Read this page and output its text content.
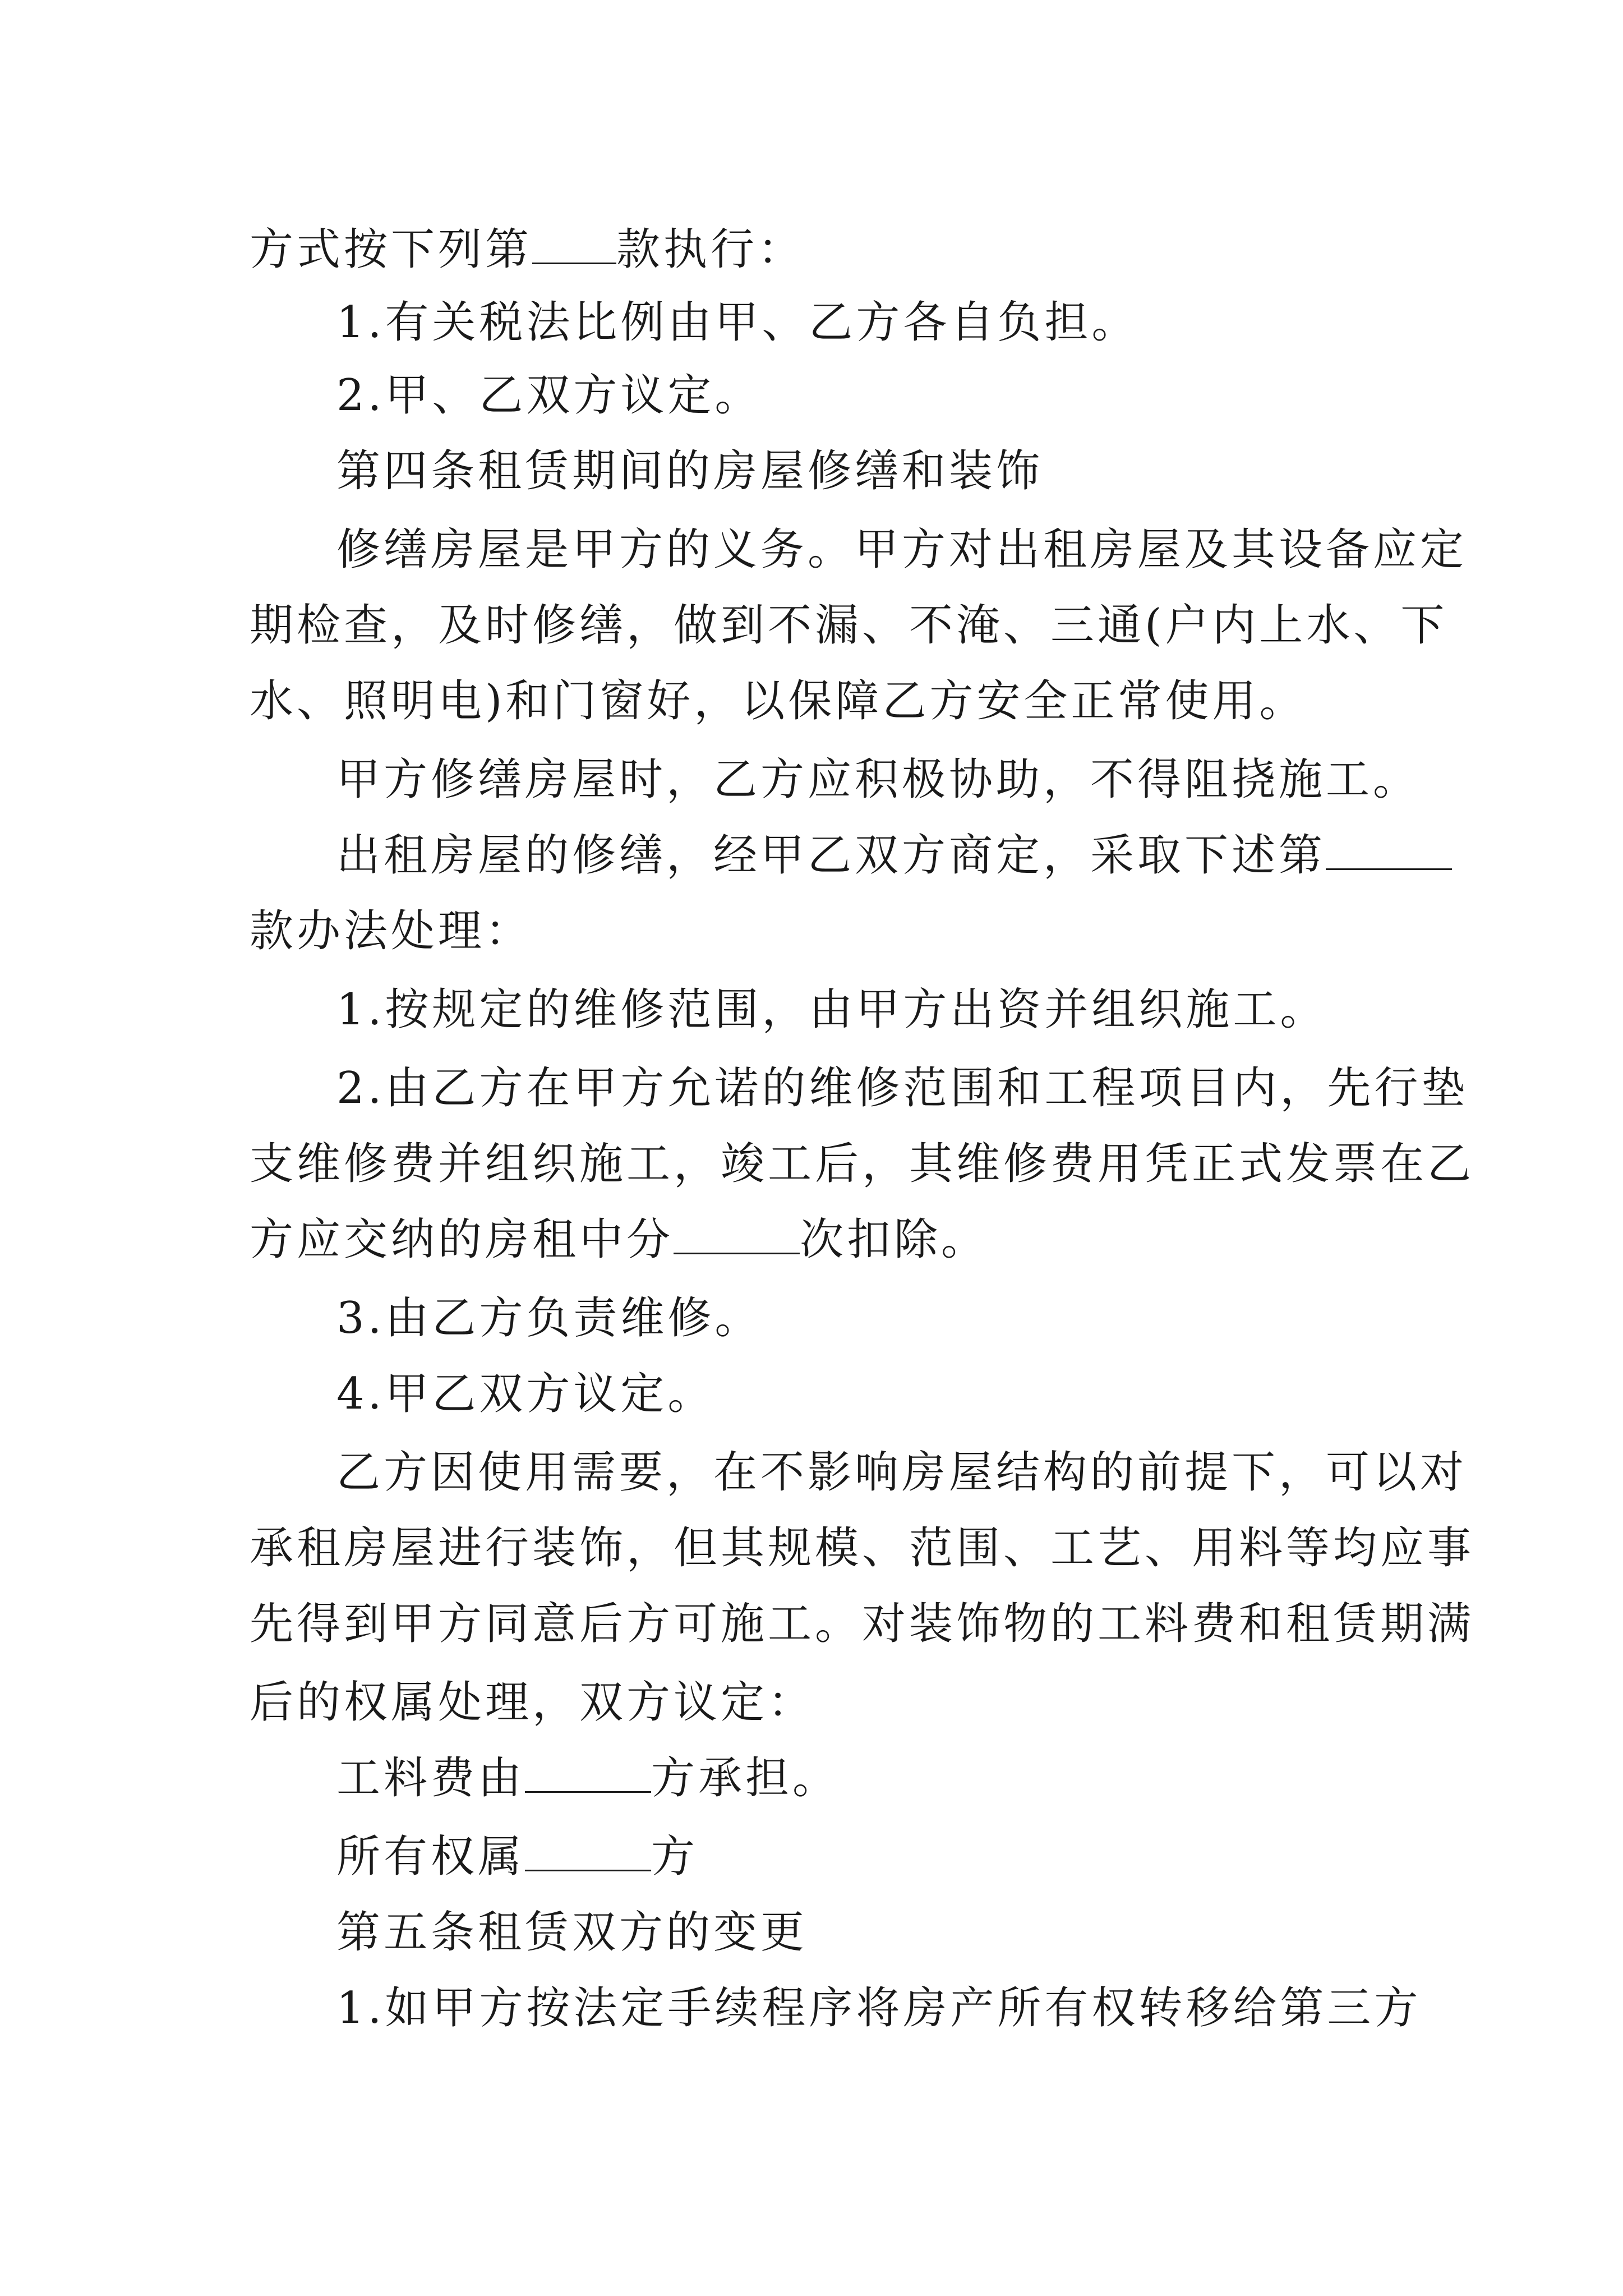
方式按下列第 款执行：
1.有关税法比例由甲、乙方各自负担。
2.甲、乙双方议定。
第四条租赁期间的房屋修缮和装饰
修缮房屋是甲方的义务。甲方对出租房屋及其设备应定
期检查，及时修缮，做到不漏、不淹、三通(户内上水、下
水、照明电)和门窗好，以保障乙方安全正常使用。
甲方修缮房屋时，乙方应积极协助，不得阻挠施工。
出租房屋的修缮，经甲乙双方商定，采取下述第
款办法处理：
1.按规定的维修范围，由甲方出资并组织施工。
2.由乙方在甲方允诺的维修范围和工程项目内，先行垫
支维修费并组织施工，竣工后，其维修费用凭正式发票在乙
方应交纳的房租中分	次扣除。
3.由乙方负责维修。
4.甲乙双方议定。
乙方因使用需要，在不影响房屋结构的前提下，可以对
承租房屋进行装饰，但其规模、范围、工艺、用料等均应事
先得到甲方同意后方可施工。对装饰物的工料费和租赁期满
后的权属处理，双方议定：
工料费由	方承担。
所有权属	方
第五条租赁双方的变更
1.如甲方按法定手续程序将房产所有权转移给第三方
